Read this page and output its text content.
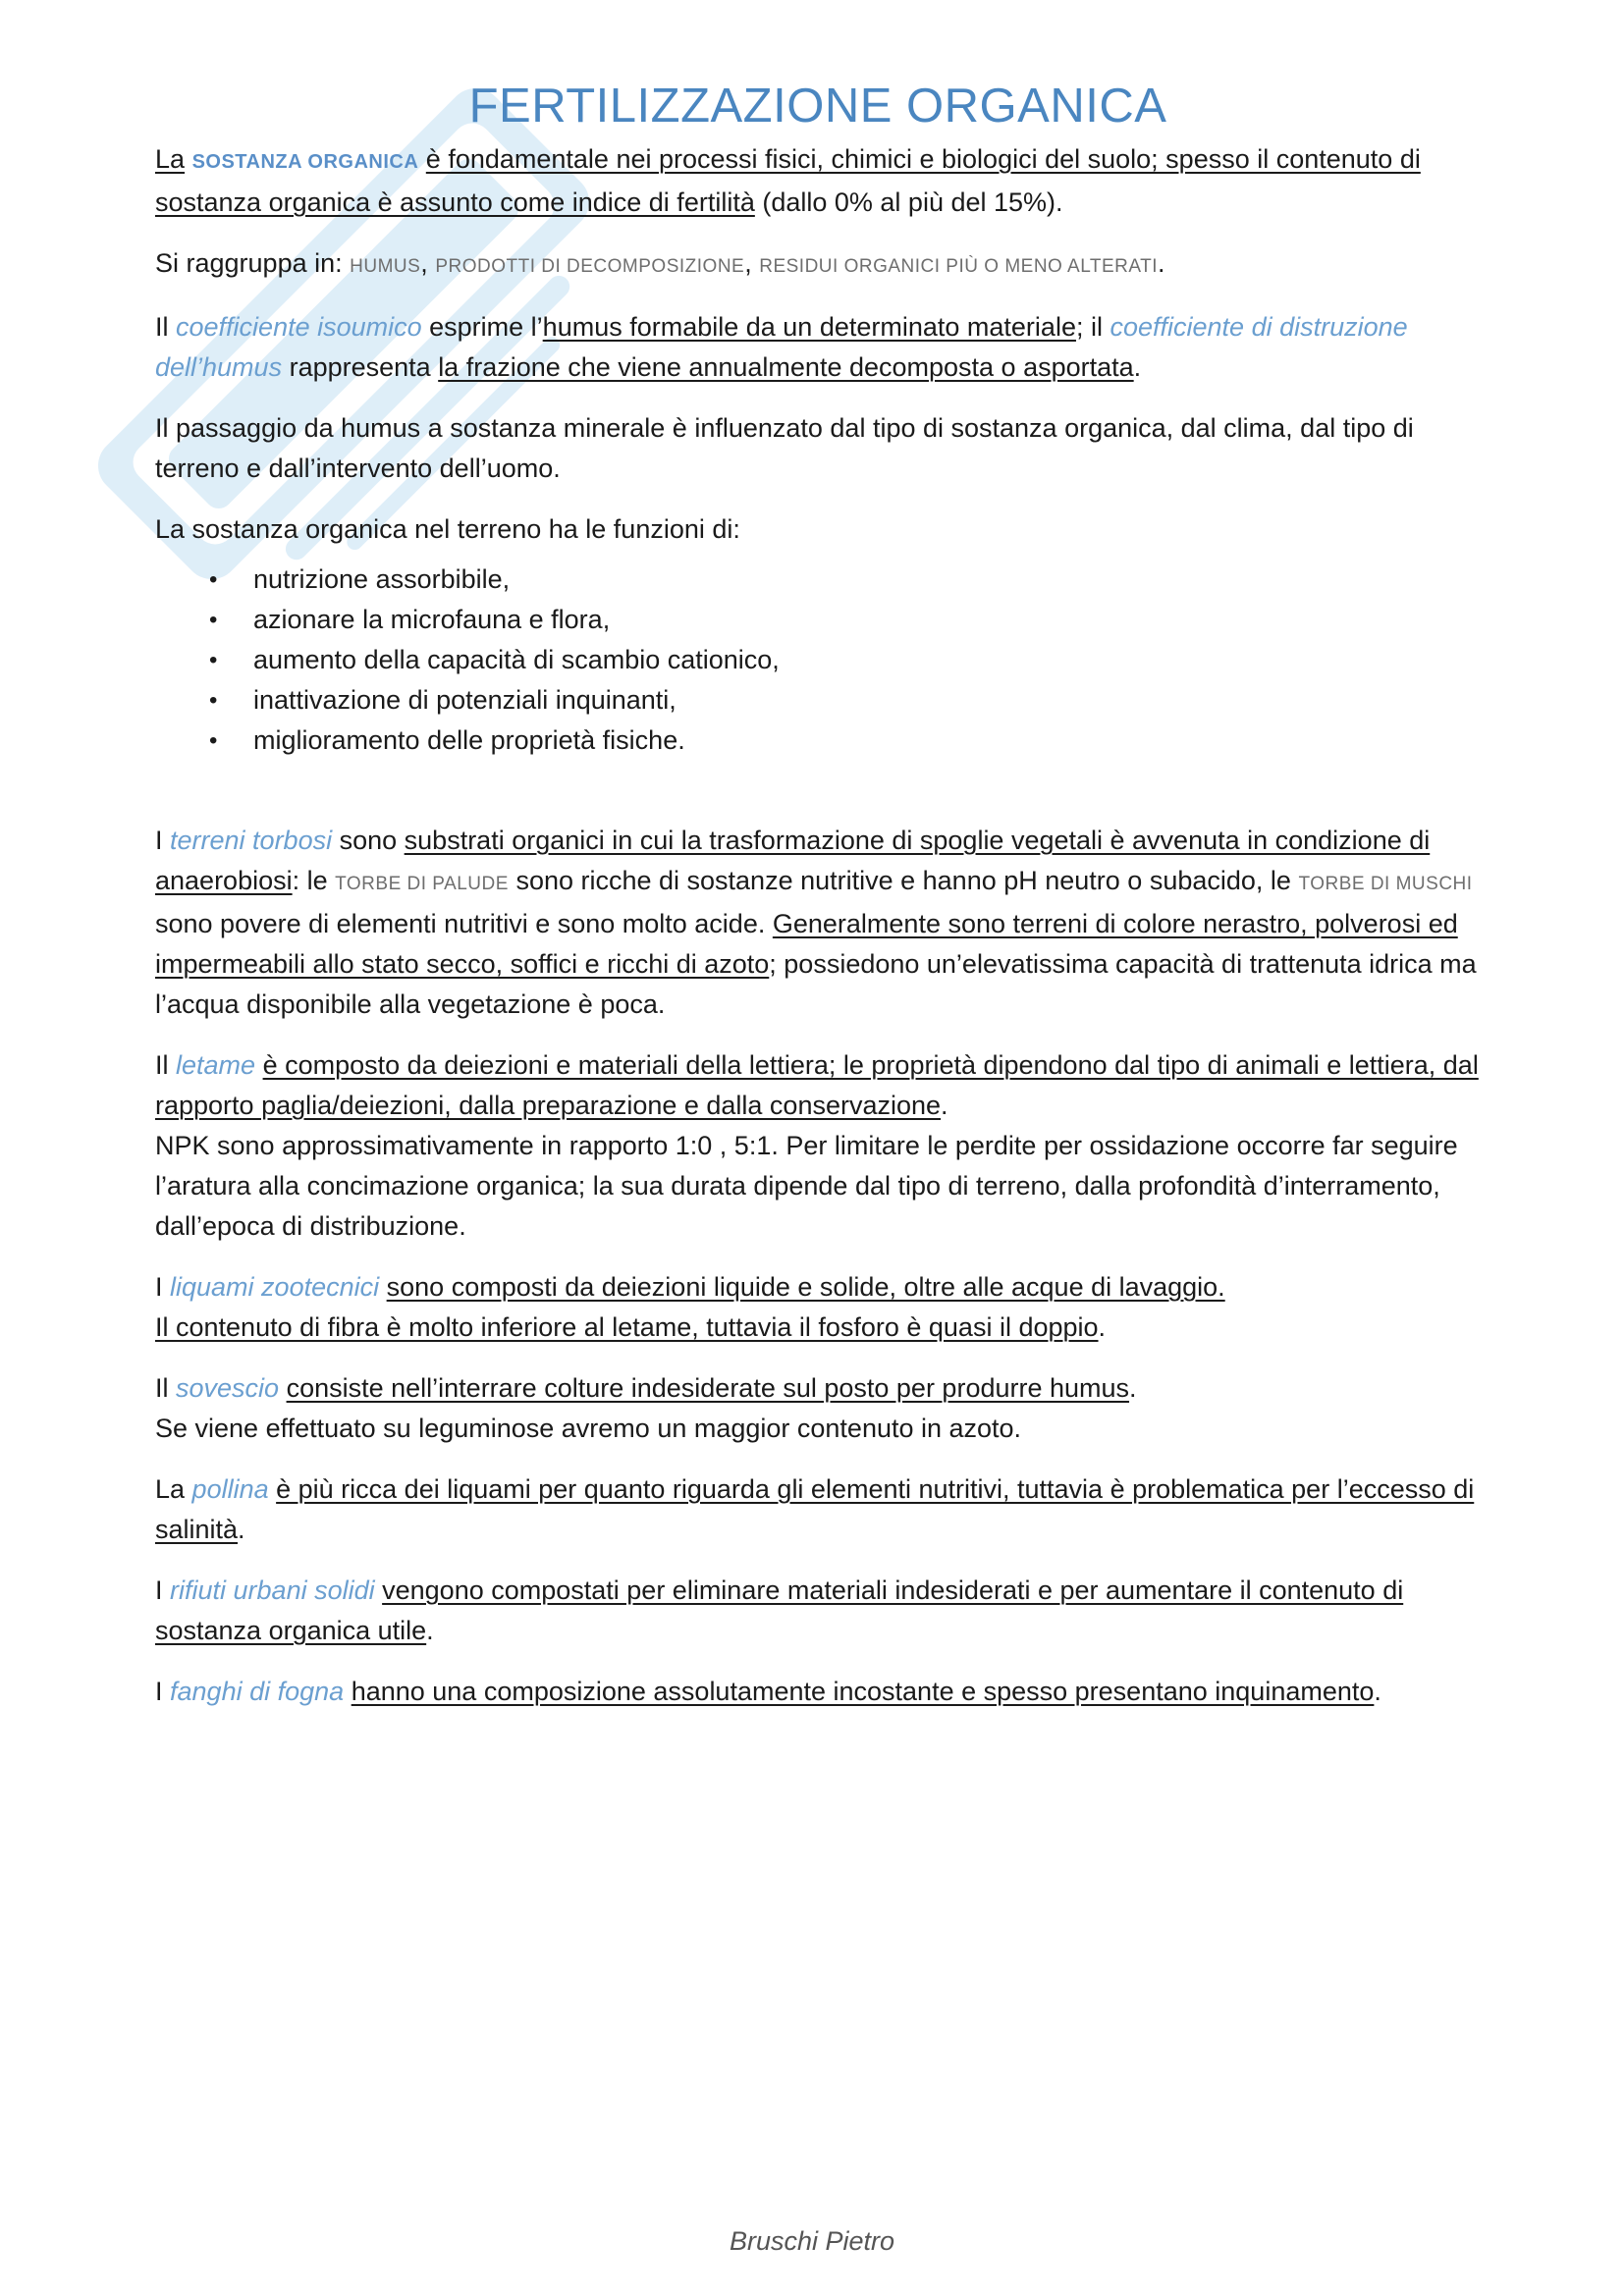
FERTILIZZAZIONE ORGANICA

La SOSTANZA ORGANICA è fondamentale nei processi fisici, chimici e biologici del suolo; spesso il contenuto di sostanza organica è assunto come indice di fertilità (dallo 0% al più del 15%).

Si raggruppa in: HUMUS, PRODOTTI DI DECOMPOSIZIONE, RESIDUI ORGANICI PIÙ O MENO ALTERATI.

Il coefficiente isoumico esprime l’humus formabile da un determinato materiale; il coefficiente di distruzione dell’humus rappresenta la frazione che viene annualmente decomposta o asportata.

Il passaggio da humus a sostanza minerale è influenzato dal tipo di sostanza organica, dal clima, dal tipo di terreno e dall’intervento dell’uomo.

La sostanza organica nel terreno ha le funzioni di:

• nutrizione assorbibile,
• azionare la microfauna e flora,
• aumento della capacità di scambio cationico,
• inattivazione di potenziali inquinanti,
• miglioramento delle proprietà fisiche.

I terreni torbosi sono substrati organici in cui la trasformazione di spoglie vegetali è avvenuta in condizione di anaerobiosi: le TORBE DI PALUDE sono ricche di sostanze nutritive e hanno pH neutro o subacido, le TORBE DI MUSCHI sono povere di elementi nutritivi e sono molto acide. Generalmente sono terreni di colore nerastro, polverosi ed impermeabili allo stato secco, soffici e ricchi di azoto; possiedono un’elevatissima capacità di trattenuta idrica ma l’acqua disponibile alla vegetazione è poca.

Il letame è composto da deiezioni e materiali della lettiera; le proprietà dipendono dal tipo di animali e lettiera, dal rapporto paglia/deiezioni, dalla preparazione e dalla conservazione.
NPK sono approssimativamente in rapporto 1:0 , 5:1. Per limitare le perdite per ossidazione occorre far seguire l’aratura alla concimazione organica; la sua durata dipende dal tipo di terreno, dalla profondità d’interramento, dall’epoca di distribuzione.

I liquami zootecnici sono composti da deiezioni liquide e solide, oltre alle acque di lavaggio.
Il contenuto di fibra è molto inferiore al letame, tuttavia il fosforo è quasi il doppio.

Il sovescio consiste nell’interrare colture indesiderate sul posto per produrre humus.
Se viene effettuato su leguminose avremo un maggior contenuto in azoto.

La pollina è più ricca dei liquami per quanto riguarda gli elementi nutritivi, tuttavia è problematica per l’eccesso di salinità.

I rifiuti urbani solidi vengono compostati per eliminare materiali indesiderati e per aumentare il contenuto di sostanza organica utile.

I fanghi di fogna hanno una composizione assolutamente incostante e spesso presentano inquinamento.

Bruschi Pietro
